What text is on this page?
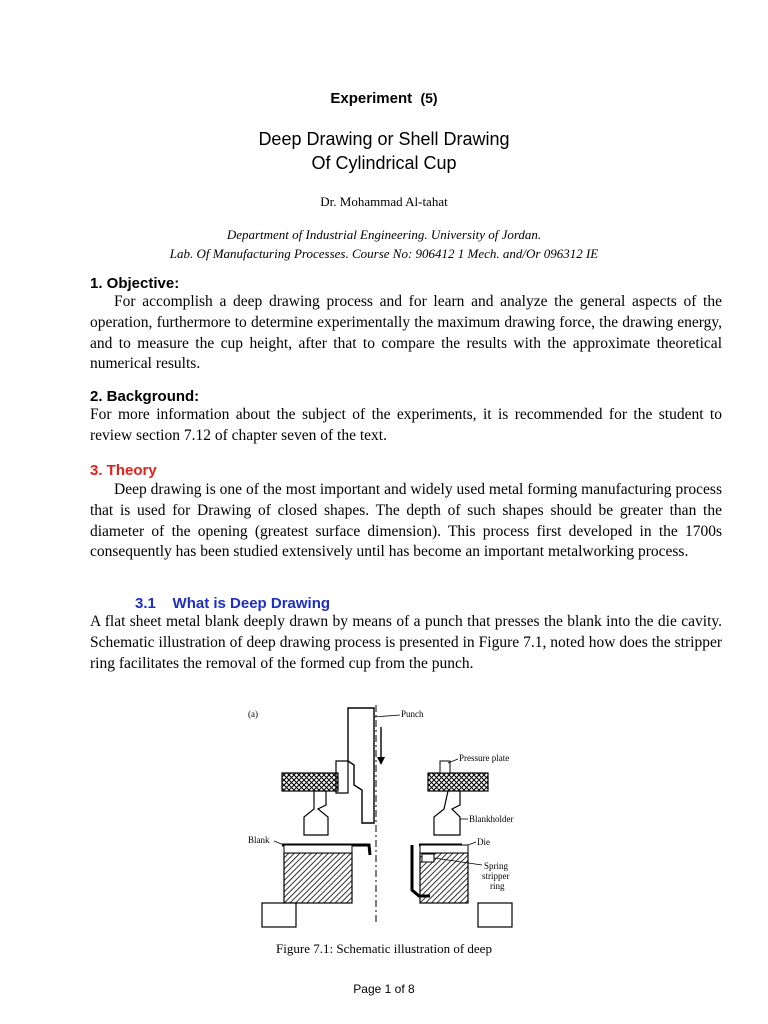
Experiment (5)
Deep Drawing or Shell Drawing
Of Cylindrical Cup
Dr. Mohammad Al-tahat
Department of Industrial Engineering. University of Jordan.
Lab. Of Manufacturing Processes. Course No: 906412 1 Mech. and/Or 096312 IE
1. Objective:

For accomplish a deep drawing process and for learn and analyze the general aspects of the operation, furthermore to determine experimentally the maximum drawing force, the drawing energy, and to measure the cup height, after that to compare the results with the approximate theoretical numerical results.

2. Background:

For more information about the subject of the experiments, it is recommended for the student to review section 7.12 of chapter seven of the text.

3. Theory

Deep drawing is one of the most important and widely used metal forming manufacturing process that is used for Drawing of closed shapes. The depth of such shapes should be greater than the diameter of the opening (greatest surface dimension). This process first developed in the 1700s consequently has been studied extensively until has become an important metalworking process.

3.1 What is Deep Drawing

A flat sheet metal blank deeply drawn by means of a punch that presses the blank into the die cavity. Schematic illustration of deep drawing process is presented in Figure 7.1, noted how does the stripper ring facilitates the removal of the formed cup from the punch.

(a)	Punch
Pressure plate
Blankholder
Blank	Die
Spring
stripper
ring
Figure 7.1: Schematic illustration of deep
Page 1 of 8
